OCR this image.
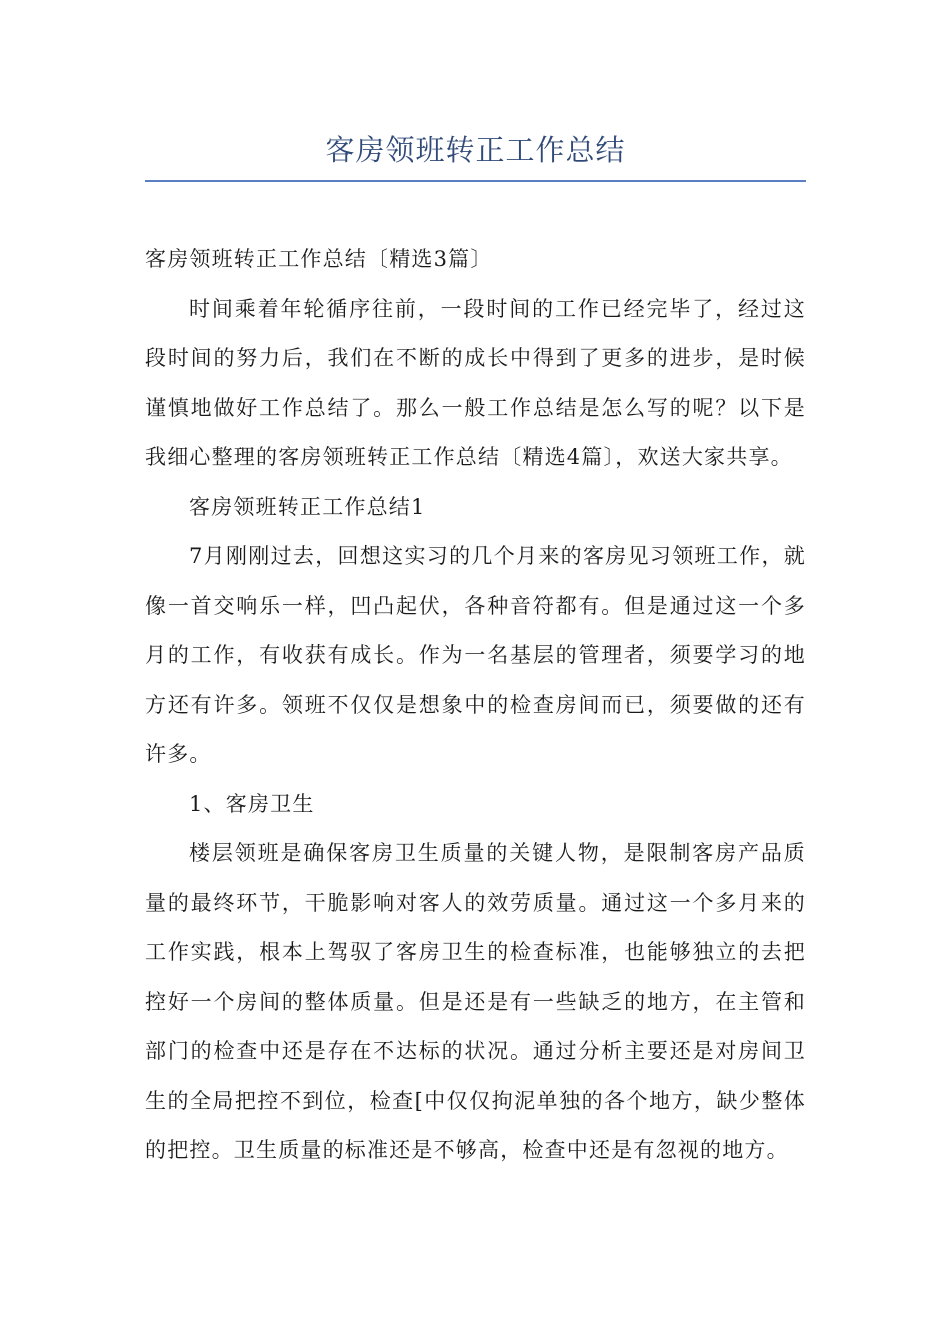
客房领班转正工作总结

客房领班转正工作总结〔精选3篇〕

时间乘着年轮循序往前，一段时间的工作已经完毕了，经过这段时间的努力后，我们在不断的成长中得到了更多的进步，是时候谨慎地做好工作总结了。那么一般工作总结是怎么写的呢？以下是我细心整理的客房领班转正工作总结〔精选4篇〕，欢送大家共享。

客房领班转正工作总结1

7月刚刚过去，回想这实习的几个月来的客房见习领班工作，就像一首交响乐一样，凹凸起伏，各种音符都有。但是通过这一个多月的工作，有收获有成长。作为一名基层的管理者，须要学习的地方还有许多。领班不仅仅是想象中的检查房间而已，须要做的还有许多。

1、客房卫生

楼层领班是确保客房卫生质量的关键人物，是限制客房产品质量的最终环节，干脆影响对客人的效劳质量。通过这一个多月来的工作实践，根本上驾驭了客房卫生的检查标准，也能够独立的去把控好一个房间的整体质量。但是还是有一些缺乏的地方，在主管和部门的检查中还是存在不达标的状况。通过分析主要还是对房间卫生的全局把控不到位，检查[中仅仅拘泥单独的各个地方，缺少整体的把控。卫生质量的标准还是不够高，检查中还是有忽视的地方。
